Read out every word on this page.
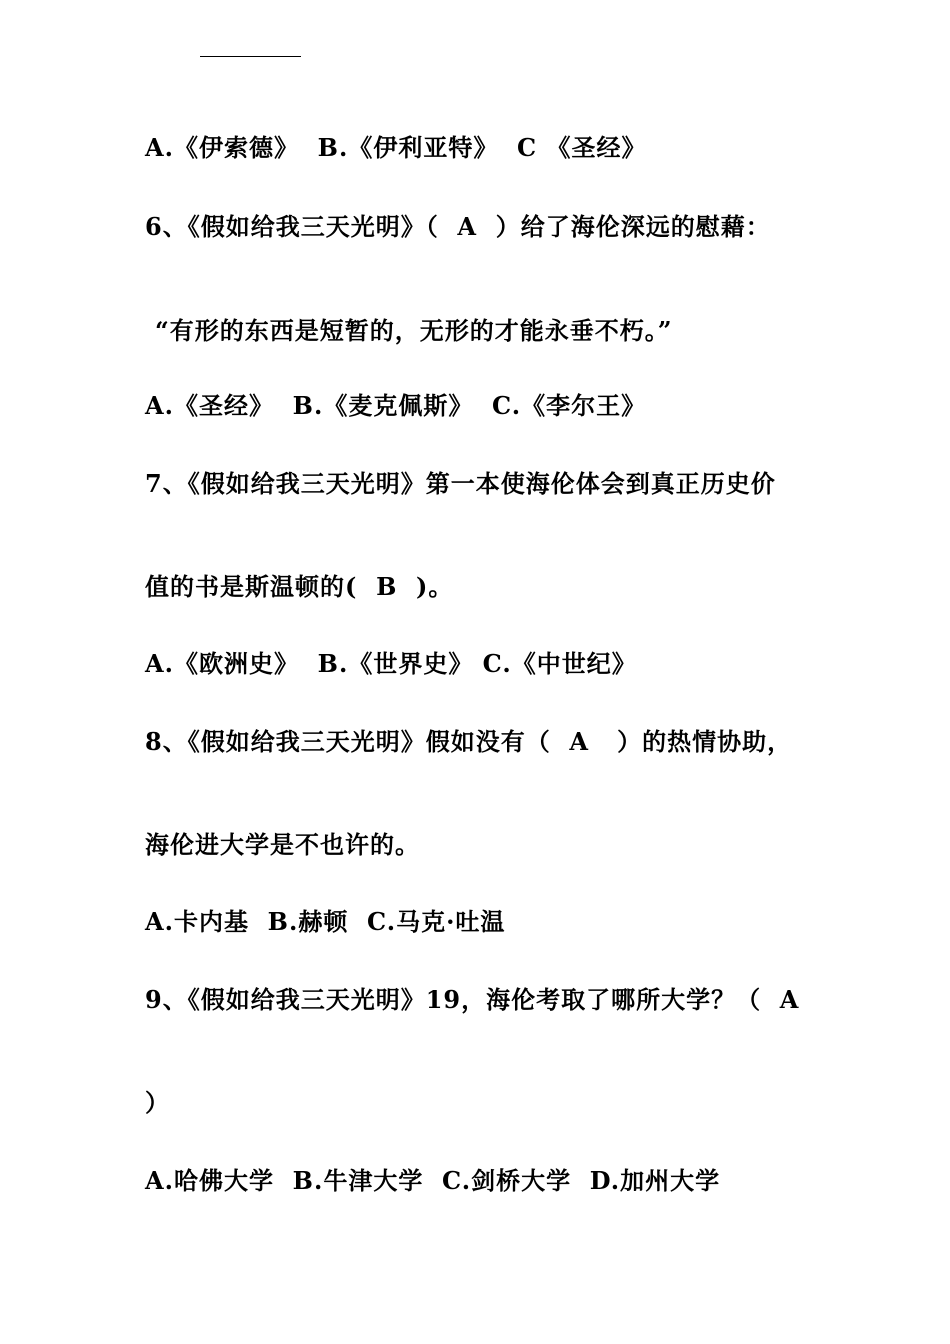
A.《伊索德》  B.《伊利亚特》  C 《圣经》
6、《假如给我三天光明》（  A  ）给了海伦深远的慰藉：
“有形的东西是短暂的，无形的才能永垂不朽。”
A.《圣经》  B.《麦克佩斯》  C.《李尔王》
7、《假如给我三天光明》第一本使海伦体会到真正历史价
值的书是斯温顿的(  B  )。
A.《欧洲史》  B.《世界史》 C.《中世纪》
8、《假如给我三天光明》假如没有（  A   ）的热情协助，
海伦进大学是不也许的。
A.卡内基  B.赫顿  C.马克·吐温
9、《假如给我三天光明》19，海伦考取了哪所大学？（  A
）
A.哈佛大学  B.牛津大学  C.剑桥大学  D.加州大学
